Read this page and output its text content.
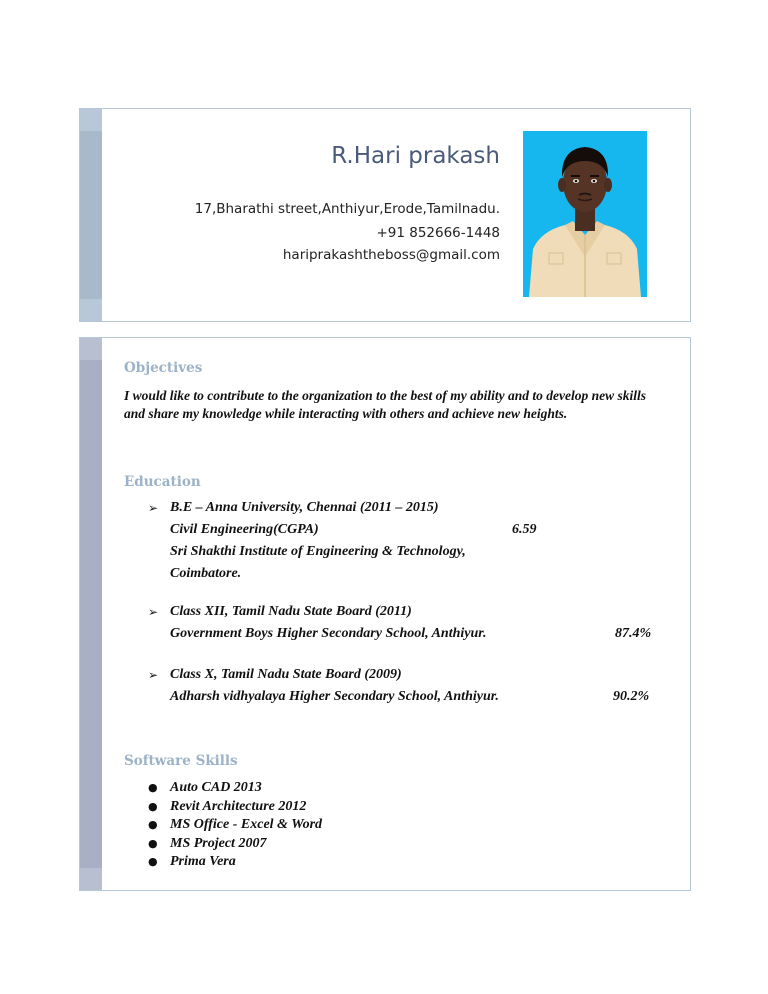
R.Hari prakash
17,Bharathi street,Anthiyur,Erode,Tamilnadu.
+91 852666-1448
hariprakashtheboss@gmail.com
Objectives
I would like to contribute to the organization to the best of my ability and to develop new skills and share my knowledge while interacting with others and achieve new heights.
Education
➢ B.E – Anna University, Chennai (2011 – 2015)
Civil Engineering(CGPA)
Sri Shakthi Institute of Engineering & Technology,
Coimbatore.
6.59
➢ Class XII, Tamil Nadu State Board (2011)
Government Boys Higher Secondary School, Anthiyur.	87.4%
➢ Class X, Tamil Nadu State Board (2009)
Adharsh vidhyalaya Higher Secondary School, Anthiyur.	90.2%
Software Skills
● Auto CAD 2013
● Revit Architecture 2012
● MS Office - Excel & Word
● MS Project 2007
● Prima Vera
